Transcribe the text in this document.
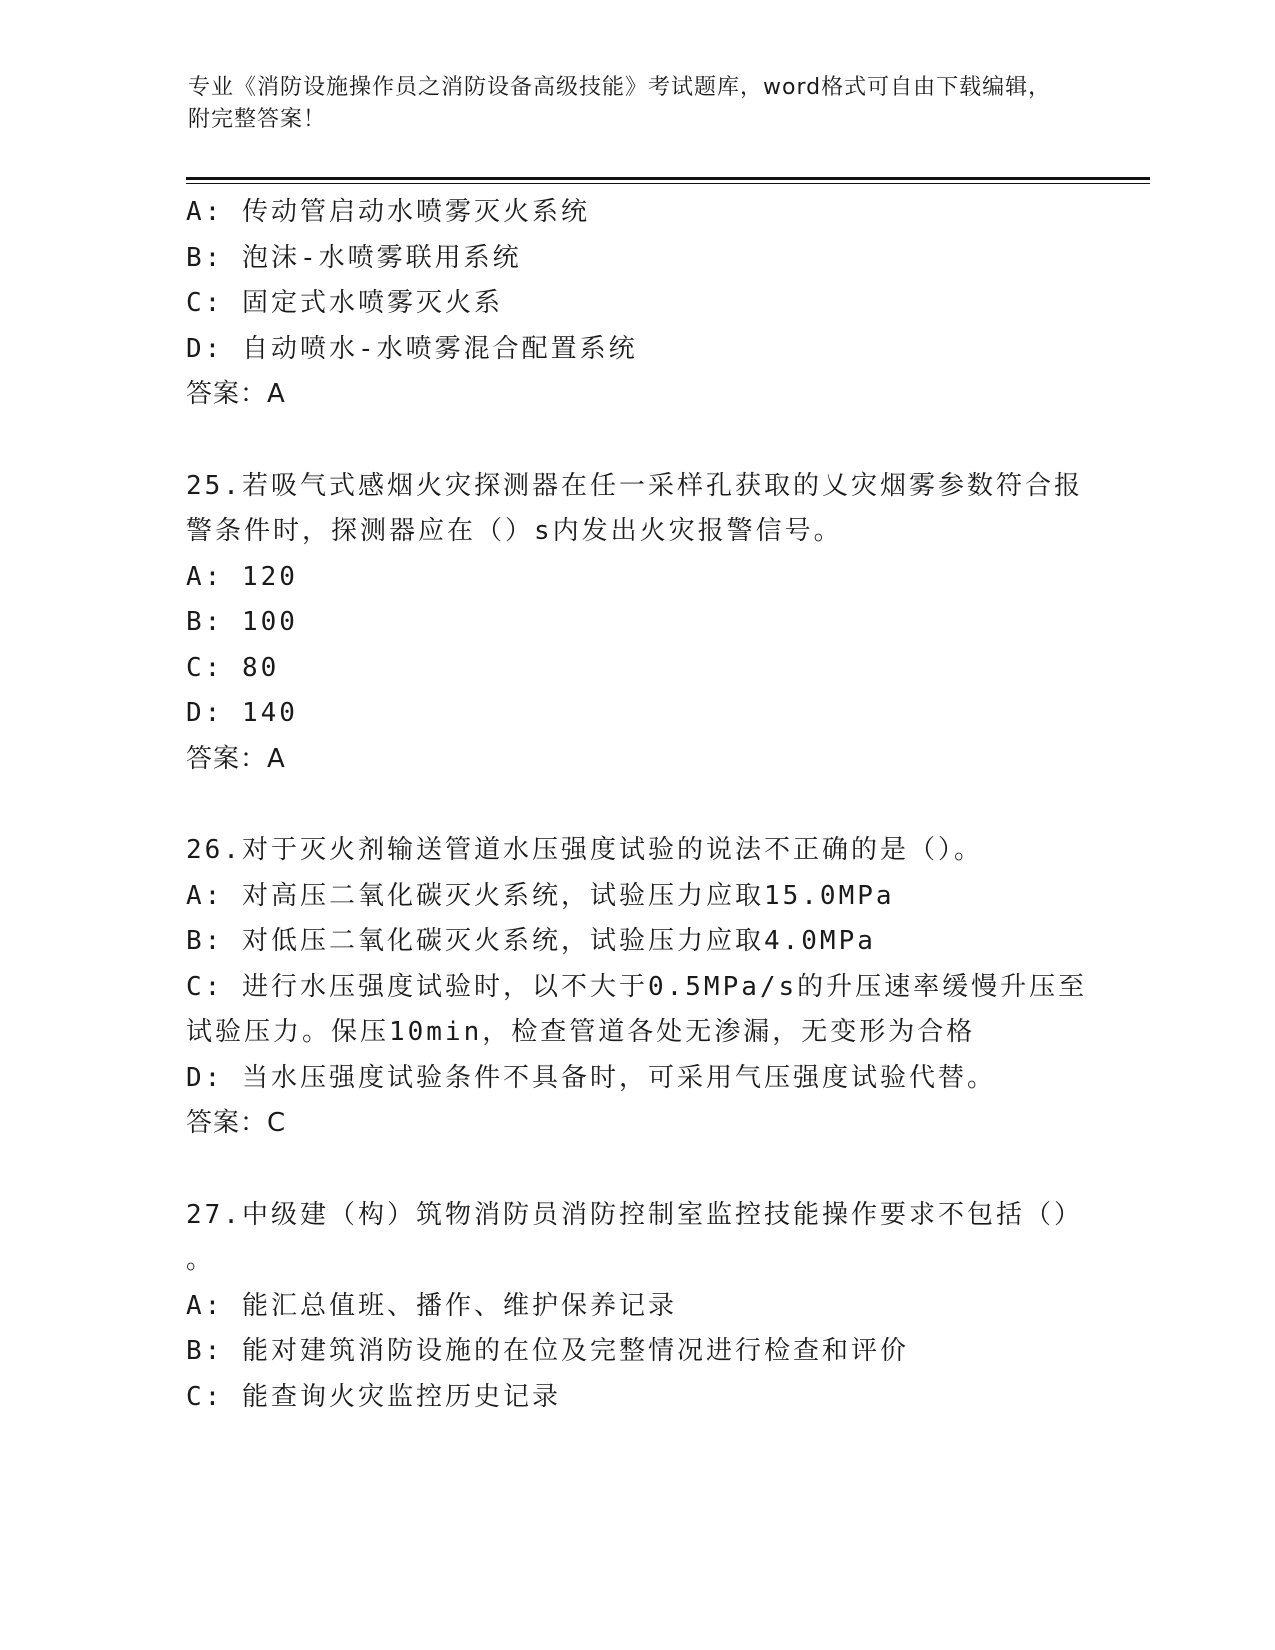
专业《消防设施操作员之消防设备高级技能》考试题库，word格式可自由下载编辑，附完整答案！
A: 传动管启动水喷雾灭火系统
B: 泡沫-水喷雾联用系统
C: 固定式水喷雾灭火系
D: 自动喷水-水喷雾混合配置系统
答案：A
25.若吸气式感烟火灾探测器在任一采样孔获取的乂灾烟雾参数符合报
警条件时，探测器应在（）s内发出火灾报警信号。
A: 120
B: 100
C: 80
D: 140
答案：A
26.对于灭火剂输送管道水压强度试验的说法不正确的是（）。
A: 对高压二氧化碳灭火系统，试验压力应取15.0MPa
B: 对低压二氧化碳灭火系统，试验压力应取4.0MPa
C: 进行水压强度试验时，以不大于0.5MPa/s的升压速率缓慢升压至
试验压力。保压10min，检查管道各处无渗漏，无变形为合格
D: 当水压强度试验条件不具备时，可采用气压强度试验代替。
答案：C
27.中级建（构）筑物消防员消防控制室监控技能操作要求不包括（）
。
A: 能汇总值班、播作、维护保养记录
B: 能对建筑消防设施的在位及完整情况进行检查和评价
C: 能查询火灾监控历史记录
